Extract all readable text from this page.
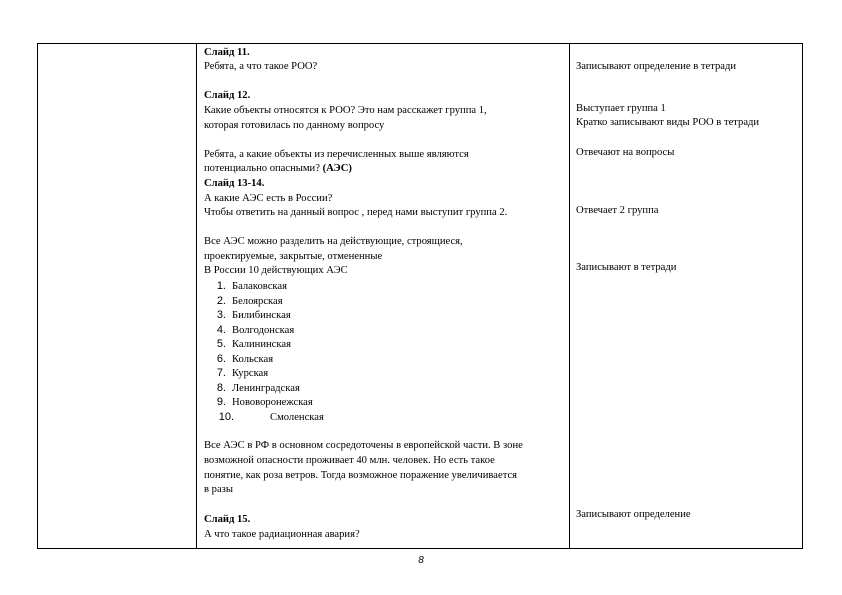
Слайд 11.
Ребята, а что такое РОО?
Слайд 12.
Какие объекты относятся к РОО? Это нам расскажет группа 1,
которая готовилась по данному вопросу
Ребята, а какие объекты из перечисленных выше являются
потенциально опасными? (АЭС)
Слайд 13-14.
А какие АЭС есть в России?
Чтобы ответить на данный вопрос , перед нами выступит группа 2.
Все АЭС можно разделить на действующие, строящиеся,
проектируемые, закрытые, отмененные
В России 10 действующих АЭС
1. Балаковская
2. Белоярская
3. Билибинская
4. Волгодонская
5. Калининская
6. Кольская
7. Курская
8. Ленинградская
9. Нововоронежская
10.	Смоленская
Все АЭС в РФ в основном сосредоточены в европейской части. В зоне
возможной опасности проживает 40 млн. человек. Но есть такое
понятие, как роза ветров. Тогда возможное поражение увеличивается
в разы
Слайд 15.
А что такое радиационная авария?
Записывают определение в тетради
Выступает группа 1
Кратко записывают виды РОО в тетради
Отвечают на вопросы
Отвечает 2 группа
Записывают в тетради
Записывают определение
8
